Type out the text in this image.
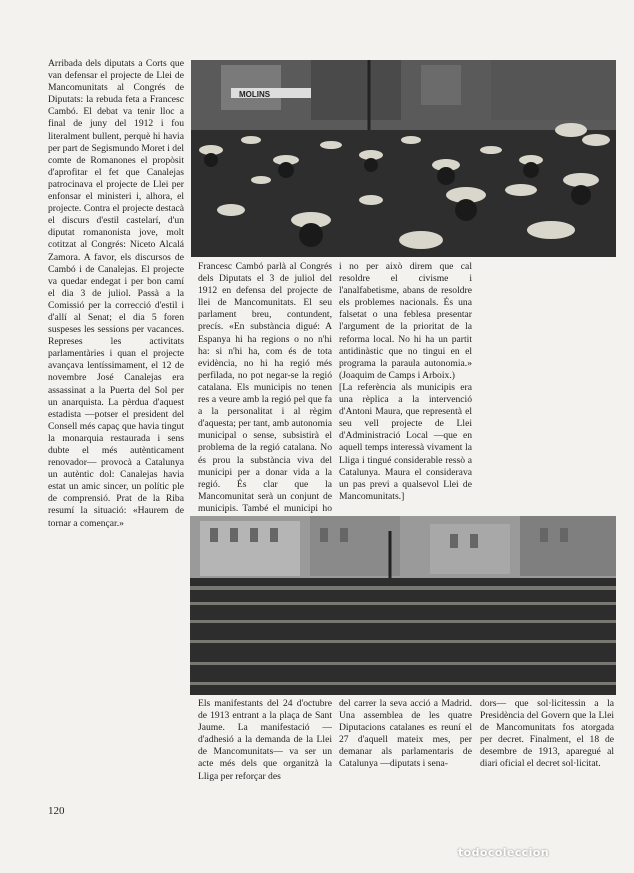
Arribada dels diputats a Corts que van defensar el projecte de Llei de Mancomunitats al Congrés de Diputats: la rebuda feta a Francesc Cambó. El debat va tenir lloc a final de juny del 1912 i fou literalment bullent, perquè hi havia per part de Segismundo Moret i del comte de Romanones el propòsit d'aprofitar el fet que Canalejas patrocinava el projecte de Llei per enfonsar el ministeri i, alhora, el projecte. Contra el projecte destacà el discurs d'estil castelarí, d'un diputat romanonista jove, molt cotitzat al Congrés: Niceto Alcalá Zamora. A favor, els discursos de Cambó i de Canalejas. El projecte va quedar endegat i per bon camí el dia 3 de juliol. Passà a la Comissió per la correcció d'estil i d'allí al Senat; el dia 5 foren suspeses les sessions per vacances. Represes les activitats parlamentàries i quan el projecte avançava lentíssimament, el 12 de novembre José Canalejas era assassinat a la Puerta del Sol per un anarquista. La pèrdua d'aquest estadista —potser el president del Consell més capaç que havia tingut la monarquia restaurada i sens dubte el més autènticament renovador— provocà a Catalunya un autèntic dol: Canalejas havia estat un amic sincer, un polític ple de comprensió. Prat de la Riba resumí la situació: «Haurem de tornar a començar.»

MOLINS

Francesc Cambó parlà al Congrés dels Diputats el 3 de juliol del 1912 en defensa del projecte de llei de Mancomunitats. El seu parlament breu, contundent, precís. «En substància digué: A Espanya hi ha regions o no n'hi ha: si n'hi ha, com és de tota evidència, no hi ha regió més perfilada, no pot negar-se la regió catalana. Els municipis no tenen res a veure amb la regió pel que fa a la personalitat i al règim d'aquesta; per tant, amb autonomia municipal o sense, subsistirà el problema de la regió catalana. No és prou la substància viva del municipi per a donar vida a la regió. És clar que la Mancomunitat serà un conjunt de municipis. També el municipi ho

i no per això direm que cal resoldre el civisme i l'analfabetisme, abans de resoldre els problemes nacionals. És una falsetat o una feblesa presentar l'argument de la prioritat de la reforma local. No hi ha un partit antidinàstic que no tingui en el programa la paraula autonomia.» (Joaquim de Camps i Arboix.)

[La referència als municipis era una rèplica a la intervenció d'Antoni Maura, que representà el seu vell projecte de Llei d'Administració Local —que en aquell temps interessà vivament la Lliga i tingué considerable ressò a Catalunya. Maura el considerava un pas previ a qualsevol Llei de Mancomunitats.]

Els manifestants del 24 d'octubre de 1913 entrant a la plaça de Sant Jaume. La manifestació —d'adhesió a la demanda de la Llei de Mancomunitats— va ser un acte més dels que organitzà la Lliga per reforçar des

del carrer la seva acció a Madrid. Una assemblea de les quatre Diputacions catalanes es reuní el 27 d'aquell mateix mes, per demanar als parlamentaris de Catalunya —diputats i sena-

dors— que sol·licitessin a la Presidència del Govern que la Llei de Mancomunitats fos atorgada per decret. Finalment, el 18 de desembre de 1913, aparegué al diari oficial el decret sol·licitat.

120
todocoleccion
